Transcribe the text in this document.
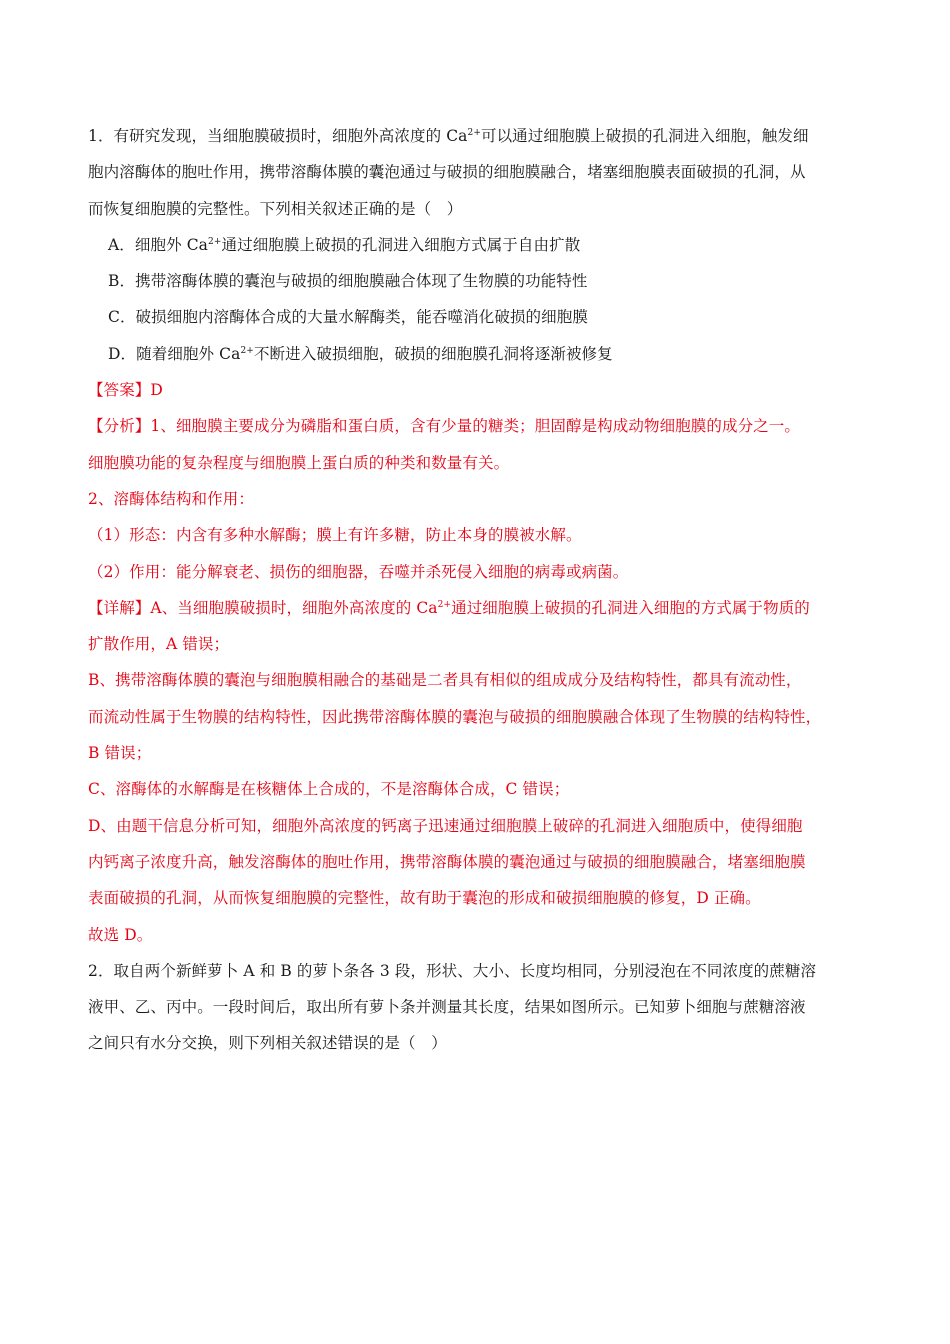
1．有研究发现，当细胞膜破损时，细胞外高浓度的 $Ca^{2+}$可以通过细胞膜上破损的孔洞进入细胞，触发细
胞内溶酶体的胞吐作用，携带溶酶体膜的囊泡通过与破损的细胞膜融合，堵塞细胞膜表面破损的孔洞，从
而恢复细胞膜的完整性。下列相关叙述正确的是（　）
A．细胞外 $Ca^{2+}$通过细胞膜上破损的孔洞进入细胞方式属于自由扩散
B．携带溶酶体膜的囊泡与破损的细胞膜融合体现了生物膜的功能特性
C．破损细胞内溶酶体合成的大量水解酶类，能吞噬消化破损的细胞膜
D．随着细胞外 $Ca^{2+}$不断进入破损细胞，破损的细胞膜孔洞将逐渐被修复
【答案】D
【分析】1、细胞膜主要成分为磷脂和蛋白质，含有少量的糖类；胆固醇是构成动物细胞膜的成分之一。
细胞膜功能的复杂程度与细胞膜上蛋白质的种类和数量有关。
2、溶酶体结构和作用：
（1）形态：内含有多种水解酶；膜上有许多糖，防止本身的膜被水解。
（2）作用：能分解衰老、损伤的细胞器，吞噬并杀死侵入细胞的病毒或病菌。
【详解】A、当细胞膜破损时，细胞外高浓度的 $Ca^{2+}$通过细胞膜上破损的孔洞进入细胞的方式属于物质的
扩散作用，A 错误；
B、携带溶酶体膜的囊泡与细胞膜相融合的基础是二者具有相似的组成成分及结构特性，都具有流动性，
而流动性属于生物膜的结构特性，因此携带溶酶体膜的囊泡与破损的细胞膜融合体现了生物膜的结构特性，
B 错误；
C、溶酶体的水解酶是在核糖体上合成的，不是溶酶体合成，C 错误；
D、由题干信息分析可知，细胞外高浓度的钙离子迅速通过细胞膜上破碎的孔洞进入细胞质中，使得细胞
内钙离子浓度升高，触发溶酶体的胞吐作用，携带溶酶体膜的囊泡通过与破损的细胞膜融合，堵塞细胞膜
表面破损的孔洞，从而恢复细胞膜的完整性，故有助于囊泡的形成和破损细胞膜的修复，D 正确。
故选 D。
2．取自两个新鲜萝卜 A 和 B 的萝卜条各 3 段，形状、大小、长度均相同，分别浸泡在不同浓度的蔗糖溶
液甲、乙、丙中。一段时间后，取出所有萝卜条并测量其长度，结果如图所示。已知萝卜细胞与蔗糖溶液
之间只有水分交换，则下列相关叙述错误的是（　）
